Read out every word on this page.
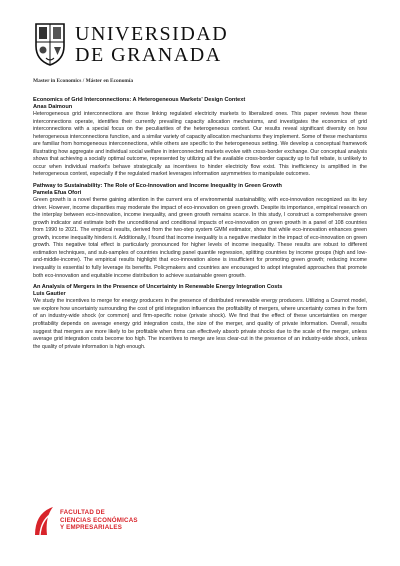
UNIVERSIDAD
DE GRANADA
Master in Economics / Máster en Economía
Economics of Grid Interconnections: A Heterogeneous Markets' Design Context
Anas Daimoun

Heterogeneous grid interconnections are those linking regulated electricity markets to liberalized ones. This paper reviews how these interconnections operate, identifies their currently prevailing capacity allocation mechanisms, and investigates the economics of grid interconnections with a special focus on the peculiarities of the heterogeneous context. Our results reveal significant diversity on how heterogeneous interconnections function, and a similar variety of capacity allocation mechanisms they implement. Some of these mechanisms are familiar from homogeneous interconnections, while others are specific to the heterogeneous setting. We develop a conceptual framework illustrating how aggregate and individual social welfare in interconnected markets evolve with cross-border exchange. Our conceptual analysis shows that achieving a socially optimal outcome, represented by utilizing all the available cross-border capacity up to full rebate, is unlikely to occur when individual market's behave strategically as incentives to hinder electricity flow exist. This inefficiency is amplified in the heterogeneous context, especially if the regulated market leverages information asymmetries to manipulate outcomes.

Pathway to Sustainability: The Role of Eco-Innovation and Income Inequality in Green Growth
Pamela Efua Ofori

Green growth is a novel theme gaining attention in the current era of environmental sustainability, with eco-innovation recognized as its key driver. However, income disparities may moderate the impact of eco-innovation on green growth. Despite its importance, empirical research on the interplay between eco-innovation, income inequality, and green growth remains scarce. In this study, I construct a comprehensive green growth indicator and estimate both the unconditional and conditional impacts of eco-innovation on green growth in a panel of 108 countries from 1990 to 2021. The empirical results, derived from the two-step system GMM estimator, show that while eco-innovation enhances green growth, income inequality hinders it. Additionally, I found that income inequality is a negative mediator in the impact of eco-innovation on green growth. This negative total effect is particularly pronounced for higher levels of income inequality. These results are robust to different estimation techniques, and sub-samples of countries including panel quantile regression, splitting countries by income groups (high and low-and-middle-income). The empirical results highlight that eco-innovation alone is insufficient for promoting green growth; reducing income inequality is essential to fully leverage its benefits. Policymakers and countries are encouraged to adopt integrated approaches that promote both eco-innovation and equitable income distribution to achieve sustainable green growth.

An Analysis of Mergers in the Presence of Uncertainty in Renewable Energy Integration Costs
Luis Gautier

We study the incentives to merge for energy producers in the presence of distributed renewable energy producers. Utilizing a Cournot model, we explore how uncertainty surrounding the cost of grid integration influences the profitability of mergers, where uncertainty comes in the form of an industry-wide shock (or common) and firm-specific noise (private shock). We find that the effect of these uncertainties on merger profitability depends on average energy grid integration costs, the size of the merger, and quality of private information. Overall, results suggest that mergers are more likely to be profitable when firms can effectively absorb private shocks due to the scale of the merger, unless average grid integration costs become too high. The incentives to merge are less clear-cut in the presence of an industry-wide shock, unless the quality of private information is high enough.

FACULTAD DE
CIENCIAS ECONÓMICAS
Y EMPRESARIALES
